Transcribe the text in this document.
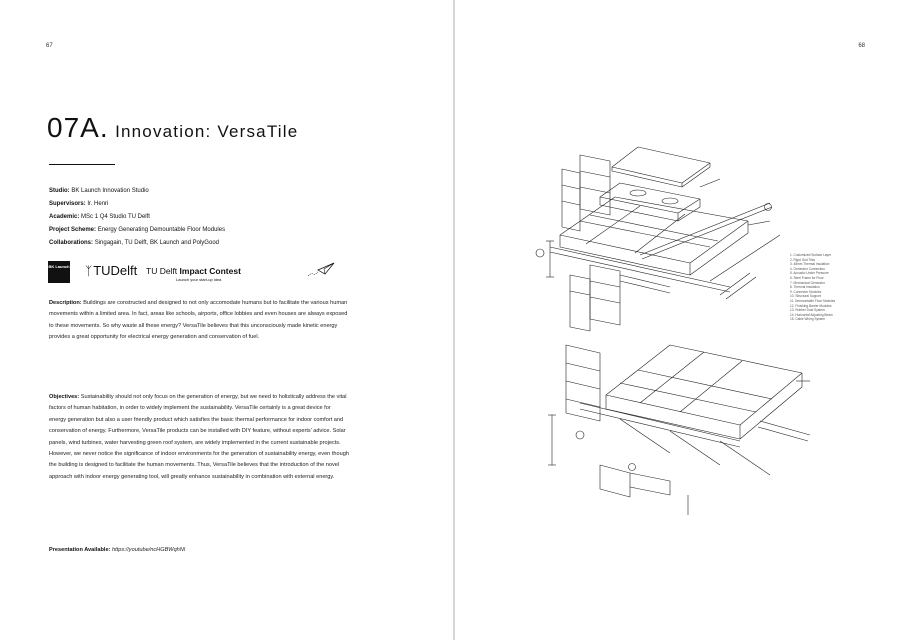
67
07A. Innovation: VersaTile
Studio: BK Launch Innovation Studio
Supervisors: Ir. Henri
Academic: MSc 1 Q4 Studio TU Delft
Project Scheme: Energy Generating Demountable Floor Modules
Collaborations: Singagain, TU Delft, BK Launch and PolyGood
BK Launch ᛉTUDelft TU Delft Impact Contest
Launch your start-up idea
Description: Buildings are constructed and designed to not only accomodate humans but to facilitate the various human movements within a limited area. In fact, areas like schools, airports, office lobbies and even houses are always exposed to these movements. So why waste all these energy? VersaTile believes that this unconsciously made kinetic energy provides a great opportunity for electrical energy generation and conservation of fuel.
Objectives: Sustainability should not only focus on the generation of energy, but we need to holistically address the vital factors of human habitation, in order to widely implement the sustainability. VersaTile certainly is a great device for energy generation but also a user friendly product which satisfies the basic thermal performance for indoor comfort and conservation of energy. Furthermore, VersaTile products can be installed with DIY feature, without experts' advice. Solar panels, wind turbines, water harvesting green roof system, are widely implemented in the current sustainable projects. However, we never notice the significance of indoor environments for the generation of sustainability energy, even though the building is designed to facilitate the human movements. Thus, VersaTile believes that the introduction of the novel approach with indoor energy generating tool, will greatly enhance sustainability in combination with external energy.
Presentation Available: https://youtube/ncHGBWqhNl
68
1. Customized Surface Layer
2. Rigid Grid Tiles
3. 48mm Thermal Insulation
4. Generator Connection
5. Acoustic Under Pressure
6. Steel Frame for Floor
7. Mechanical Generator
8. Thermal Insulation
9. Connector Modules
10. Structural Support
11. Demountable Floor Modules
12. Finishing Barrier Modules
13. Rubber Dust System
14. Horizontal Adjusting Beam
15. Cable Wiring System
